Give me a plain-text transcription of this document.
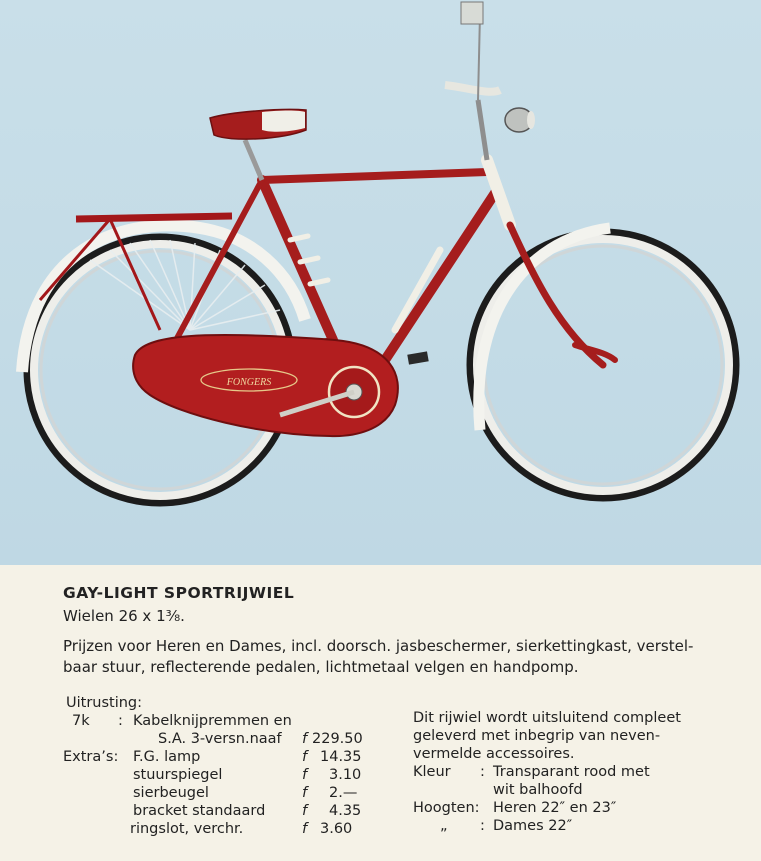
FONGERS
GAY-LIGHT SPORTRIJWIEL
Wielen 26 x 1³⁄₈.
Prijzen voor Heren en Dames, incl. doorsch. jasbeschermer, sierkettingkast, verstel-
baar stuur, reflecterende pedalen, lichtmetaal velgen en handpomp.
Uitrusting:
7k : Kabelknijpremmen en
S.A. 3-versn.naaf f 229.50
Extra’s: F.G. lamp	f 14.35
stuurspiegel	f 3.10
sierbeugel	f 2.—
bracket standaard	f 4.35
ringslot, verchr.	f 3.60
Dit rijwiel wordt uitsluitend compleet
geleverd met inbegrip van neven-
vermelde accessoires.
Kleur : Transparant rood met
wit balhoofd
Hoogten: Heren 22″ en 23″
„ : Dames 22″
